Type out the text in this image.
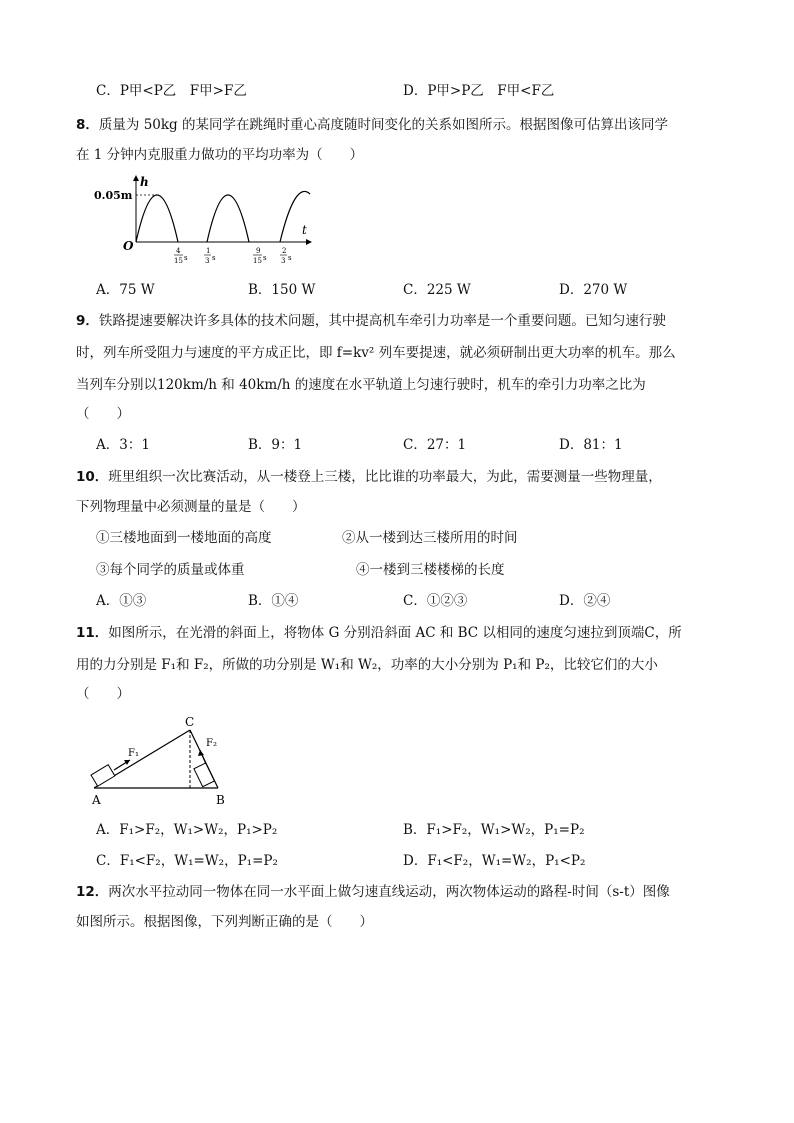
C．P甲<P乙　F甲>F乙	D．P甲>P乙　F甲<F乙
8．质量为 50kg 的某同学在跳绳时重心高度随时间变化的关系如图所示。根据图像可估算出该同学
在 1 分钟内克服重力做功的平均功率为（　　）
h
t
O
0.05m
4
15 s
1
3 s
9
15 s
2
3 s
A．75 W	B．150 W	C．225 W	D．270 W
9．铁路提速要解决许多具体的技术问题，其中提高机车牵引力功率是一个重要问题。已知匀速行驶
时，列车所受阻力与速度的平方成正比，即 f=kv² 列车要提速，就必须研制出更大功率的机车。那么
当列车分别以120km/h 和 40km/h 的速度在水平轨道上匀速行驶时，机车的牵引力功率之比为
（　　）
A．3：1	B．9：1	C．27：1	D．81：1
10．班里组织一次比赛活动，从一楼登上三楼，比比谁的功率最大，为此，需要测量一些物理量，
下列物理量中必须测量的量是（　　）
①三楼地面到一楼地面的高度	②从一楼到达三楼所用的时间
③每个同学的质量或体重	④一楼到三楼楼梯的长度
A．①③	B．①④	C．①②③	D．②④
11．如图所示，在光滑的斜面上，将物体 G 分别沿斜面 AC 和 BC 以相同的速度匀速拉到顶端C，所
用的力分别是 F₁和 F₂，所做的功分别是 W₁和 W₂，功率的大小分别为 P₁和 P₂，比较它们的大小
（　　）
F₁
F₂
A	B
C
A．F₁>F₂，W₁>W₂，P₁>P₂	B．F₁>F₂，W₁>W₂，P₁=P₂
C．F₁<F₂，W₁=W₂，P₁=P₂	D．F₁<F₂，W₁=W₂，P₁<P₂
12．两次水平拉动同一物体在同一水平面上做匀速直线运动，两次物体运动的路程-时间（s-t）图像
如图所示。根据图像，下列判断正确的是（　　）
